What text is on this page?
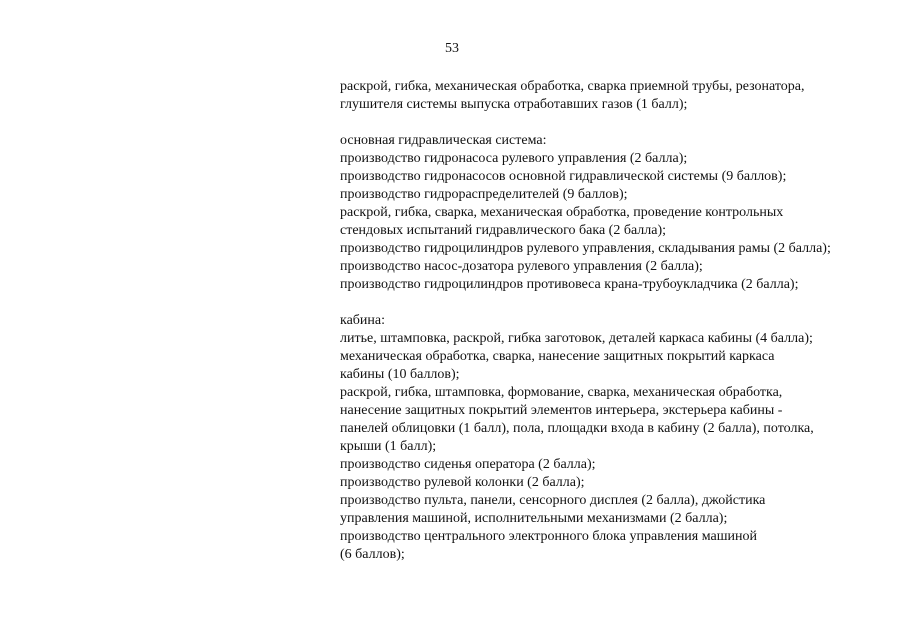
53
раскрой, гибка, механическая обработка, сварка приемной трубы, резонатора,
глушителя системы выпуска отработавших газов (1 балл);
основная гидравлическая система:
производство гидронасоса рулевого управления (2 балла);
производство гидронасосов основной гидравлической системы (9 баллов);
производство гидрораспределителей (9 баллов);
раскрой, гибка, сварка, механическая обработка, проведение контрольных
стендовых испытаний гидравлического бака (2 балла);
производство гидроцилиндров рулевого управления, складывания рамы (2 балла);
производство насос-дозатора рулевого управления (2 балла);
производство гидроцилиндров противовеса крана-трубоукладчика (2 балла);
кабина:
литье, штамповка, раскрой, гибка заготовок, деталей каркаса кабины (4 балла);
механическая обработка, сварка, нанесение защитных покрытий каркаса
кабины (10 баллов);
раскрой, гибка, штамповка, формование, сварка, механическая обработка,
нанесение защитных покрытий элементов интерьера, экстерьера кабины -
панелей облицовки (1 балл), пола, площадки входа в кабину (2 балла), потолка,
крыши (1 балл);
производство сиденья оператора (2 балла);
производство рулевой колонки (2 балла);
производство пульта, панели, сенсорного дисплея (2 балла), джойстика
управления машиной, исполнительными механизмами (2 балла);
производство центрального электронного блока управления машиной
(6 баллов);
